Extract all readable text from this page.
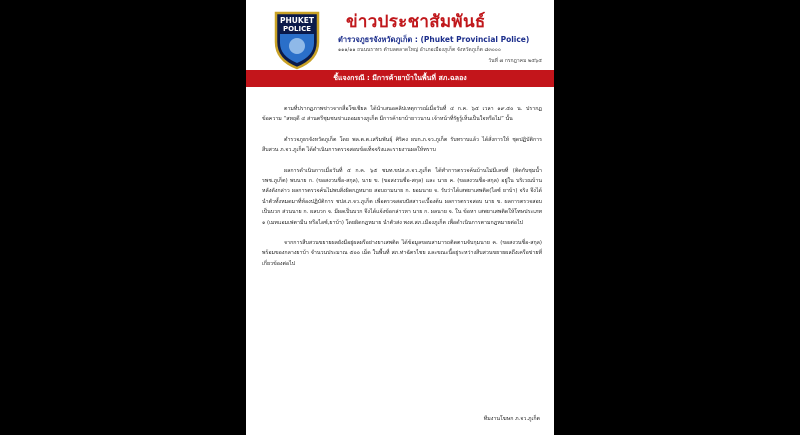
PHUKET
POLICE ข่าวประชาสัมพันธ์
ตำรวจภูธรจังหวัดภูเก็ต : (Phuket Provincial Police)
๑๑๑/๑๑ ถนนนราทร ตำบลตลาดใหญ่ อำเภอเมืองภูเก็ต จังหวัดภูเก็ต ๘๓๐๐๐
วันที่ ๗ กรกฎาคม ๒๕๖๕
ชี้แจงกรณี : มีการค้ายาบ้าในพื้นที่ สภ.ฉลอง

ตามที่ปรากฏภาพข่าวจากสื่อโซเชียล ได้นำเสนอคลิปเหตุการณ์เมื่อวันที่ ๔ ก.ค. ๖๕ เวลา ๑๙.๕๐ น. ปรากฏข้อความ “สหฤดี ๔ ส่านตรีชุมชนข่าแถอมยางภูเก็ต มีการค้ายาบ้ายาวนาน เจ้าหน้าที่รัฐรู้เห็นเป็นใจหรือไม่” นั้น

ตำรวจภูธรจังหวัดภูเก็ต โดย พล.ต.ต.เสริมพันธุ์ ศิริคง ผบก.ภ.จว.ภูเก็ต รับทราบแล้ว ได้สั่งการให้ ชุดปฏิบัติการสืบสวน ภ.จว.ภูเก็ต ได้ดำเนินการตรวจสอบข้อเท็จจริงและรายงานผลให้ทราบ

ผลการดำเนินการเมื่อวันที่ ๕ ก.ค. ๖๕ ชมท.ขปส.ภ.จว.ภูเก็ต ได้ทำการตรวจค้นบ้านไม่มีเลขที่ (ติดกับชุมน้ำ รพช.ภูเก็ต) พบนาย ก. (ขอสงวนชื่อ-สกุล), นาย ข. (ขอสงวนชื่อ-สกุล) และ นาย ค. (ขอสงวนชื่อ-สกุล) อยู่ใน บริเวณบ้านหลังดังกล่าว ผลการตรวจค้นไม่พบสิ่งผิดกฎหมาย สอบถามนาย ก. ยอมนาย จ. รับว่าได้เสพยาเสพติด(ไอซ์ ยาบ้า) จริง จึงได้นำตัวทั้งหมดมาที่ห้องปฏิบัติการ ชปส.ภ.จว.ภูเก็ต เพื่อตรวจสอบปัสสาวะเบื้องต้น ผลการตรวจสอบ นาย ข. ผลการตรวจสอบเป็นบวก ส่วนนาย ก. ผลบวก จ. มีผลเป็นบวก จึงได้แจ้งข้อกล่าวหา นาย ก. ผลนาย จ. ใน ข้อหา เสพยาเสพติดให้โทษประเภท ๑ (เมทแอมเฟตามีน หรือไอซ์,ยาบ้า) โดยผิดกฎหมาย นำตัวส่ง พงส.สภ.เมืองภูเก็ต เพื่อดำเนินการตามกฎหมายต่อไป

จากการสืบสวนขยายผลยังมีอยู่ผลผรีอย่างยาเสพติด ได้ข้อมูลขอบสามารถติดตามจับกุมนาย ค. (ขอสงวนชื่อ-สกุล) พร้อมของกลางยาบ้า จำนวนประมาณ ๕๐๐ เม็ด ในพื้นที่ สภ.ท่าฉัตรไชย และขณะนี้อยู่ระหว่างสืบสวนขยายผลถึงเครือข่ายที่เกี่ยวข้องต่อไป

ทีมงานโฆษก ภ.จว.ภูเก็ต
